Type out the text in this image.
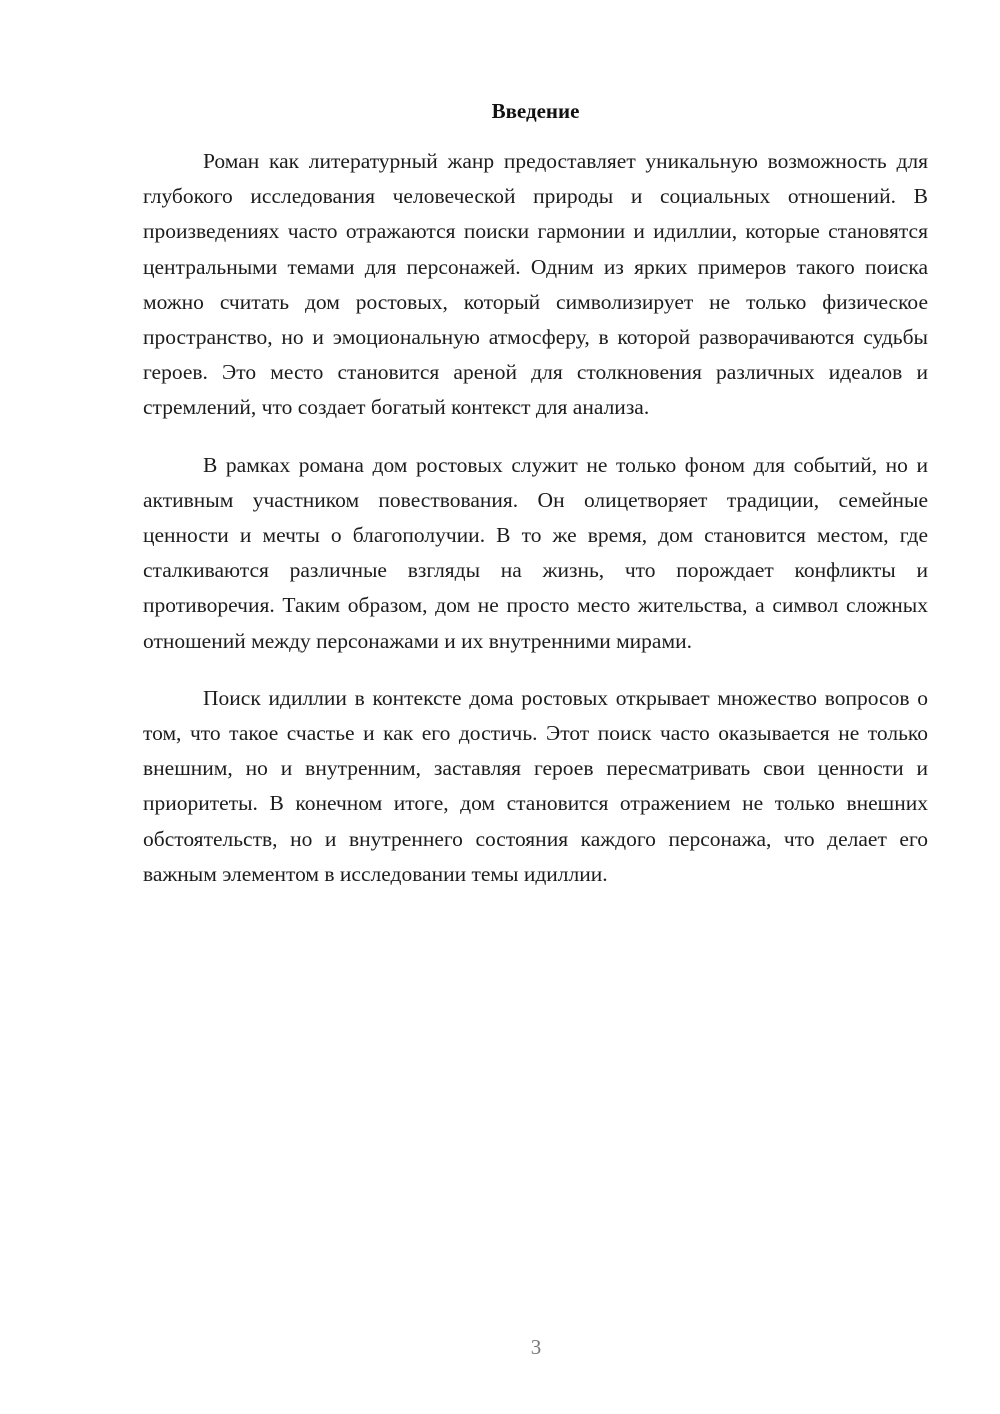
Введение

Роман как литературный жанр предоставляет уникальную возможность для глубокого исследования человеческой природы и социальных отношений. В произведениях часто отражаются поиски гармонии и идиллии, которые становятся центральными темами для персонажей. Одним из ярких примеров такого поиска можно считать дом ростовых, который символизирует не только физическое пространство, но и эмоциональную атмосферу, в которой разворачиваются судьбы героев. Это место становится ареной для столкновения различных идеалов и стремлений, что создает богатый контекст для анализа.

В рамках романа дом ростовых служит не только фоном для событий, но и активным участником повествования. Он олицетворяет традиции, семейные ценности и мечты о благополучии. В то же время, дом становится местом, где сталкиваются различные взгляды на жизнь, что порождает конфликты и противоречия. Таким образом, дом не просто место жительства, а символ сложных отношений между персонажами и их внутренними мирами.

Поиск идиллии в контексте дома ростовых открывает множество вопросов о том, что такое счастье и как его достичь. Этот поиск часто оказывается не только внешним, но и внутренним, заставляя героев пересматривать свои ценности и приоритеты. В конечном итоге, дом становится отражением не только внешних обстоятельств, но и внутреннего состояния каждого персонажа, что делает его важным элементом в исследовании темы идиллии.

3
